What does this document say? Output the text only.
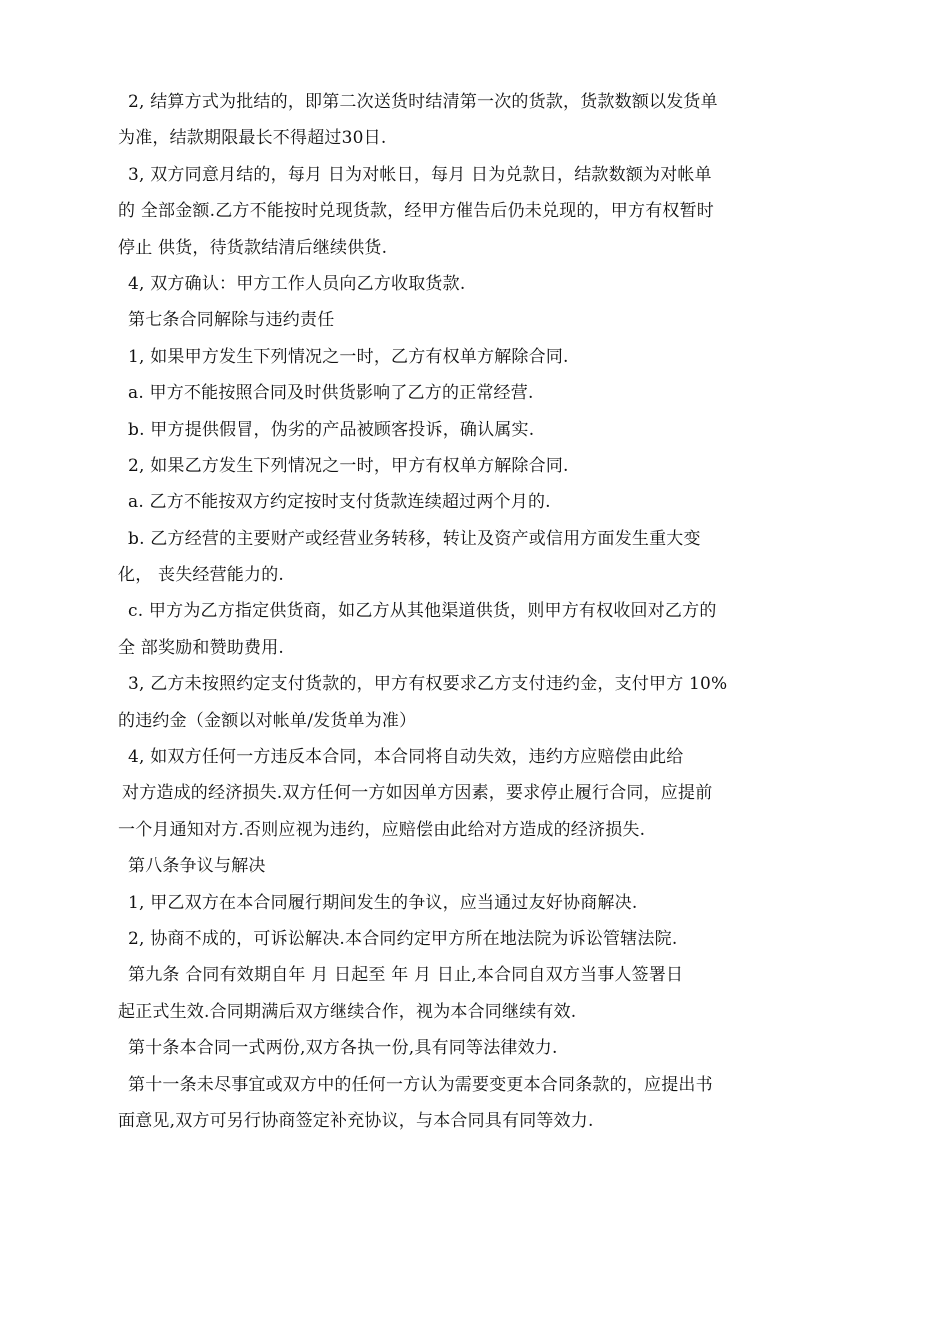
2, 结算方式为批结的，即第二次送货时结清第一次的货款，货款数额以发货单
为准，结款期限最长不得超过30日.
3, 双方同意月结的，每月 日为对帐日，每月 日为兑款日，结款数额为对帐单
的 全部金额.乙方不能按时兑现货款，经甲方催告后仍未兑现的，甲方有权暂时
停止 供货，待货款结清后继续供货.
4, 双方确认：甲方工作人员向乙方收取货款.
第七条合同解除与违约责任
1, 如果甲方发生下列情况之一时，乙方有权单方解除合同.
a. 甲方不能按照合同及时供货影响了乙方的正常经营.
b. 甲方提供假冒，伪劣的产品被顾客投诉，确认属实.
2, 如果乙方发生下列情况之一时，甲方有权单方解除合同.
a. 乙方不能按双方约定按时支付货款连续超过两个月的.
b. 乙方经营的主要财产或经营业务转移，转让及资产或信用方面发生重大变
化， 丧失经营能力的.
c. 甲方为乙方指定供货商，如乙方从其他渠道供货，则甲方有权收回对乙方的
全 部奖励和赞助费用.
3, 乙方未按照约定支付货款的，甲方有权要求乙方支付违约金，支付甲方 10%
的违约金（金额以对帐单/发货单为准）
4, 如双方任何一方违反本合同，本合同将自动失效，违约方应赔偿由此给
对方造成的经济损失.双方任何一方如因单方因素，要求停止履行合同，应提前
一个月通知对方.否则应视为违约，应赔偿由此给对方造成的经济损失.
第八条争议与解决
1, 甲乙双方在本合同履行期间发生的争议，应当通过友好协商解决.
2, 协商不成的，可诉讼解决.本合同约定甲方所在地法院为诉讼管辖法院.
第九条 合同有效期自年 月 日起至 年 月 日止,本合同自双方当事人签署日
起正式生效.合同期满后双方继续合作，视为本合同继续有效.
第十条本合同一式两份,双方各执一份,具有同等法律效力.
第十一条未尽事宜或双方中的任何一方认为需要变更本合同条款的，应提出书
面意见,双方可另行协商签定补充协议，与本合同具有同等效力.
